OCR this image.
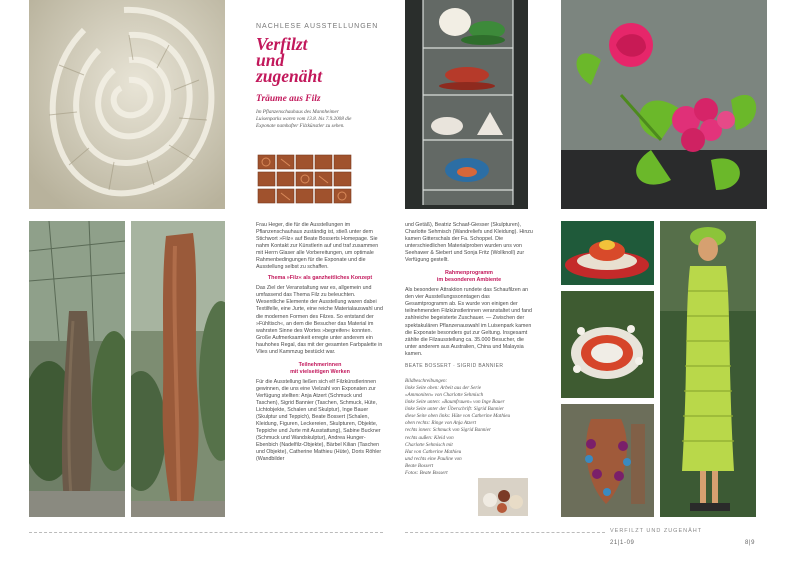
NACHLESE AUSSTELLUNGEN
Verfilzt
und
zugenäht
Träume aus Filz
Im Pflanzenschauhaus des Mannheimer Luisenparks waren vom 13.8. bis 7.9.2008 die Exponate namhafter Filzkünstler zu sehen.

Frau Heger, die für die Ausstellungen im Pflanzenschauhaus zuständig ist, stieß unter dem Stichwort »Filz« auf Beate Bosserts Homepage. Sie nahm Kontakt zur Künstlerin auf und traf zusammen mit Herrn Glaser alle Vorbereitungen, um optimale Rahmenbedingungen für die Exponate und die Ausstellung selbst zu schaffen.

Thema »Filz« als ganzheitliches Konzept

Das Ziel der Veranstaltung war es, allgemein und umfassend das Thema Filz zu beleuchten. Wesentliche Elemente der Ausstellung waren dabei Textilfelle, eine Jurte, eine reiche Materialauswahl und die modernen Formen des Filzes. So entstand der »Fühltisch«, an dem die Besucher das Material im wahrsten Sinne des Wortes »begreifen« konnten. Große Aufmerksamkeit erregte unter anderem ein hauhohes Regal, das mit der gesamten Farbpalette in Vlies und Kammzug bestückt war.

Teilnehmerinnen
mit vielseitigen Werken

Für die Ausstellung ließen sich elf Filzkünstlerinnen gewinnen, die uns eine Vielzahl von Exponaten zur Verfügung stellten: Anja Atzert (Schmuck und Taschen), Sigrid Bannier (Taschen, Schmuck, Hüte, Lichtobjekte, Schalen und Skulptur), Inge Bauer (Skulptur und Teppich), Beate Bossert (Schalen, Kleidung, Figuren, Leckereien, Skulpturen, Objekte, Teppiche und Jurte mit Ausstattung), Sabine Buckner (Schmuck und Wandskulptur), Andrea Hunger-Ebenbich (Nadelfilz-Objekte), Bärbel Kilian (Taschen und Objekte), Catherine Mathieu (Hüte), Doris Röhler (Wandbilder

und Getäß), Beatriz Schaaf-Giesser (Skulpturen), Charlotte Sehmisch (Wandreliefs und Kleidung). Hinzu kamen Gitterschals der Fa. Schoppel. Die unterschiedlichen Materialproben wurden uns von Seehawer & Siebert und Sonja Fritz (Wollknoll) zur Verfügung gestellt.

Rahmenprogramm
im besonderen Ambiente

Als besondere Attraktion rundete das Schaufilzen an den vier Ausstellungssonntagen das Gesamtprogramm ab. Es wurde von einigen der teilnehmenden Filzkünstlerinnen veranstaltet und fand zahlreiche begeisterte Zuschauer. — Zwischen der spektakulären Pflanzenauswahl im Luisenpark kamen die Exponate besonders gut zur Geltung. Insgesamt zählte die Filzausstellung ca. 35.000 Besucher, die unter anderem aus Australien, China und Malaysia kamen.

BEATE BOSSERT · SIGRID BANNIER
Bildbeschreibungen:
linke Seite oben: Arbeit aus der Serie
»Ammoniten« von Charlotte Sehmisch
linke Seite unten: »Baumfrauen« von Inge Bauer
linke Seite unter der Überschrift: Sigrid Bannier
diese Seite oben links: Hüte von Catherine Mathieu
oben rechts: Ringe von Anja Atzert
rechts innen: Schmuck von Sigrid Bannier
rechts außen: Kleid von
Charlotte Sehmisch mit
Hut von Catherine Mathieu
und rechts eine Pauline von
Beate Bossert
Fotos: Beate Bossert
VERFILZT UND ZUGENÄHT
21|1-09	8|9
